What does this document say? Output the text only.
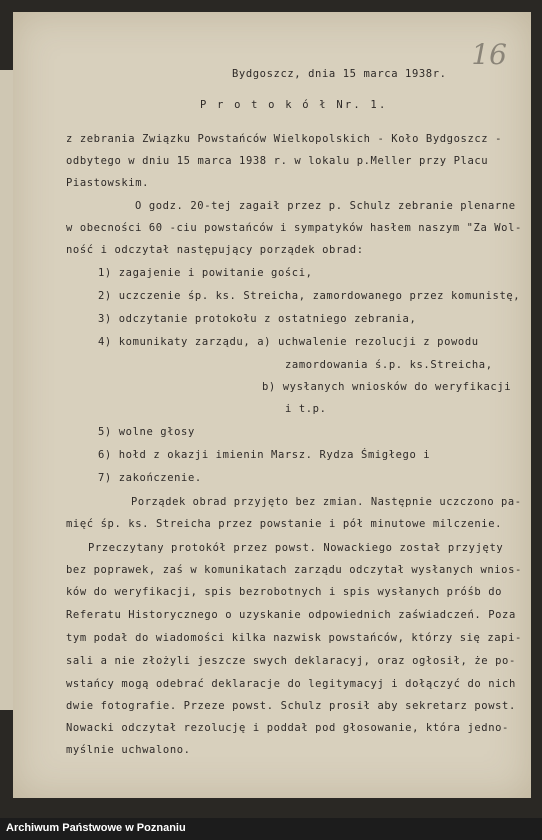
16
Bydgoszcz, dnia 15 marca 1938r.
P r o t o k ó ł Nr. 1.
z zebrania Związku Powstańców Wielkopolskich - Koło Bydgoszcz -
odbytego w dniu 15 marca 1938 r. w lokalu p.Meller przy Placu
Piastowskim.
O godz. 20-tej zagaił przez p. Schulz zebranie plenarne
w obecności 60 -ciu powstańców i sympatyków hasłem naszym "Za Wol-
ność i odczytał następujący porządek obrad:
1) zagajenie i powitanie gości,
2) uczczenie śp. ks. Streicha, zamordowanego przez komunistę,
3) odczytanie protokołu z ostatniego zebrania,
4) komunikaty zarządu, a) uchwalenie rezolucji z powodu
zamordowania ś.p. ks.Streicha,
b) wysłanych wniosków do weryfikacji
i t.p.
5) wolne głosy
6) hołd z okazji imienin Marsz. Rydza Śmigłego i
7) zakończenie.
Porządek obrad przyjęto bez zmian. Następnie uczczono pa-
mięć śp. ks. Streicha przez powstanie i pół minutowe milczenie.
Przeczytany protokół przez powst. Nowackiego został przyjęty
bez poprawek, zaś w komunikatach zarządu odczytał wysłanych wnios-
ków do weryfikacji, spis bezrobotnych i spis wysłanych próśb do
Referatu Historycznego o uzyskanie odpowiednich zaświadczeń. Poza
tym podał do wiadomości kilka nazwisk powstańców, którzy się zapi-
sali a nie złożyli jeszcze swych deklaracyj, oraz ogłosił, że po-
wstańcy mogą odebrać deklaracje do legitymacyj i dołączyć do nich
dwie fotografie. Przeze powst. Schulz prosił aby sekretarz powst.
Nowacki odczytał rezolucję i poddał pod głosowanie, która jedno-
myślnie uchwalono.
Archiwum Państwowe w Poznaniu
